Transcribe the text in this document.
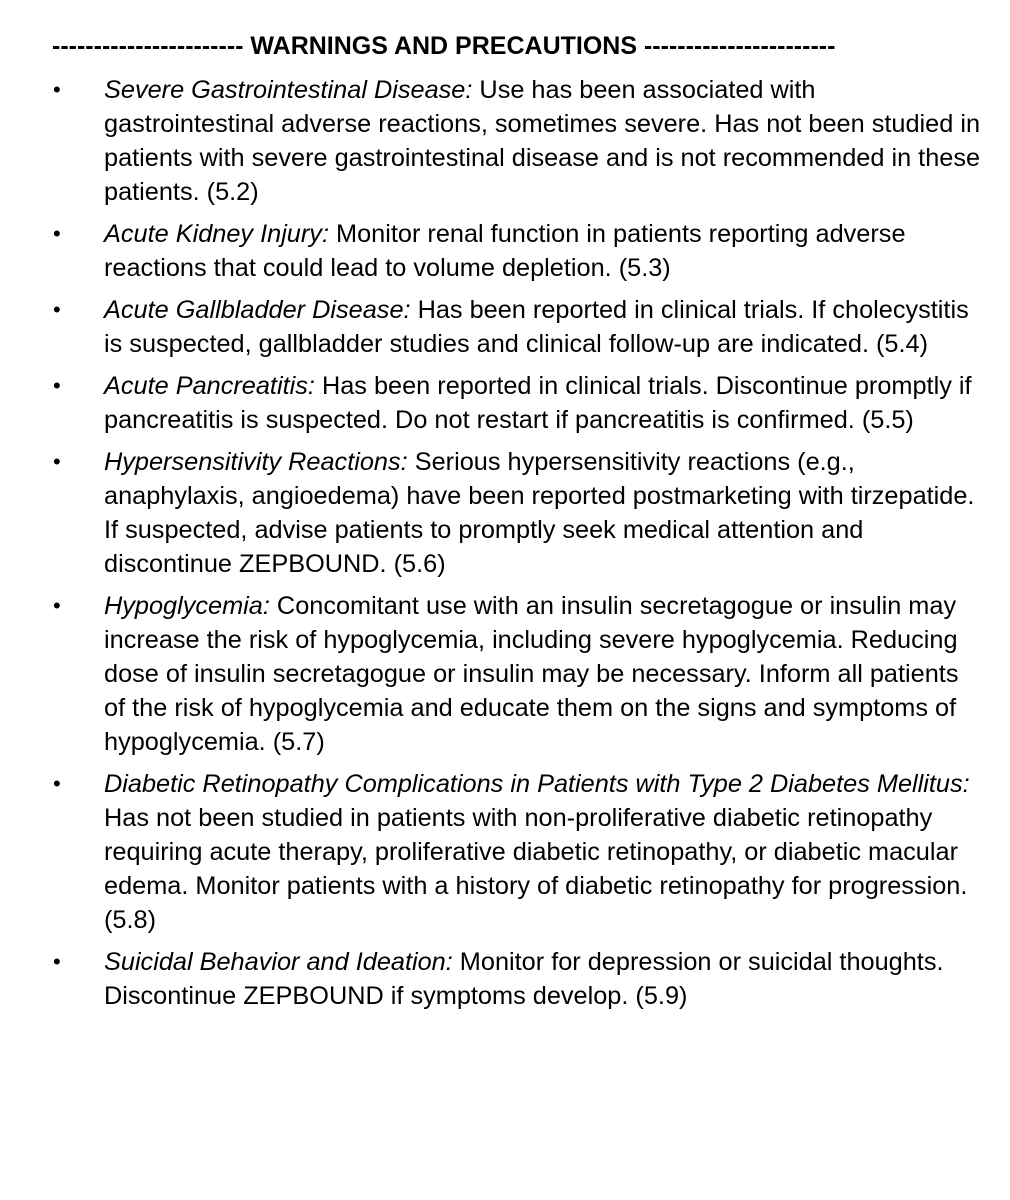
----------------------- WARNINGS AND PRECAUTIONS -----------------------
• Severe Gastrointestinal Disease: Use has been associated with gastrointestinal adverse reactions, sometimes severe. Has not been studied in patients with severe gastrointestinal disease and is not recommended in these patients. (5.2)
• Acute Kidney Injury: Monitor renal function in patients reporting adverse reactions that could lead to volume depletion. (5.3)
• Acute Gallbladder Disease: Has been reported in clinical trials. If cholecystitis is suspected, gallbladder studies and clinical follow-up are indicated. (5.4)
• Acute Pancreatitis: Has been reported in clinical trials. Discontinue promptly if pancreatitis is suspected. Do not restart if pancreatitis is confirmed. (5.5)
• Hypersensitivity Reactions: Serious hypersensitivity reactions (e.g., anaphylaxis, angioedema) have been reported postmarketing with tirzepatide. If suspected, advise patients to promptly seek medical attention and discontinue ZEPBOUND. (5.6)
• Hypoglycemia: Concomitant use with an insulin secretagogue or insulin may increase the risk of hypoglycemia, including severe hypoglycemia. Reducing dose of insulin secretagogue or insulin may be necessary. Inform all patients of the risk of hypoglycemia and educate them on the signs and symptoms of hypoglycemia. (5.7)
• Diabetic Retinopathy Complications in Patients with Type 2 Diabetes Mellitus: Has not been studied in patients with non-proliferative diabetic retinopathy requiring acute therapy, proliferative diabetic retinopathy, or diabetic macular edema. Monitor patients with a history of diabetic retinopathy for progression. (5.8)
• Suicidal Behavior and Ideation: Monitor for depression or suicidal thoughts. Discontinue ZEPBOUND if symptoms develop. (5.9)
